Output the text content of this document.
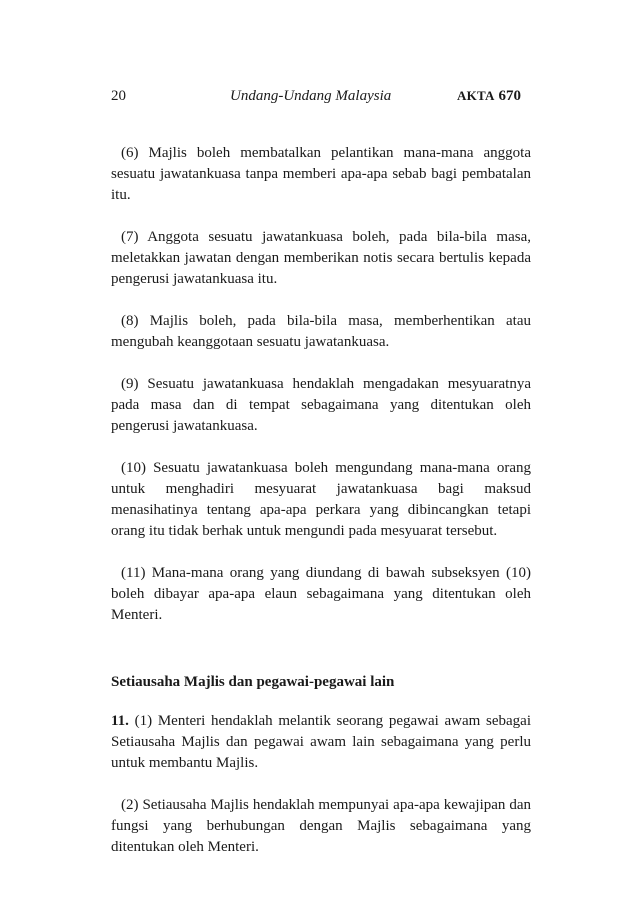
20	Undang-Undang Malaysia	AKTA 670

(6) Majlis boleh membatalkan pelantikan mana-mana anggota sesuatu jawatankuasa tanpa memberi apa-apa sebab bagi pembatalan itu.

(7) Anggota sesuatu jawatankuasa boleh, pada bila-bila masa, meletakkan jawatan dengan memberikan notis secara bertulis kepada pengerusi jawatankuasa itu.

(8) Majlis boleh, pada bila-bila masa, memberhentikan atau mengubah keanggotaan sesuatu jawatankuasa.

(9) Sesuatu jawatankuasa hendaklah mengadakan mesyuaratnya pada masa dan di tempat sebagaimana yang ditentukan oleh pengerusi jawatankuasa.

(10) Sesuatu jawatankuasa boleh mengundang mana-mana orang untuk menghadiri mesyuarat jawatankuasa bagi maksud menasihatinya tentang apa-apa perkara yang dibincangkan tetapi orang itu tidak berhak untuk mengundi pada mesyuarat tersebut.

(11) Mana-mana orang yang diundang di bawah subseksyen (10) boleh dibayar apa-apa elaun sebagaimana yang ditentukan oleh Menteri.

Setiausaha Majlis dan pegawai-pegawai lain

11. (1) Menteri hendaklah melantik seorang pegawai awam sebagai Setiausaha Majlis dan pegawai awam lain sebagaimana yang perlu untuk membantu Majlis.

(2) Setiausaha Majlis hendaklah mempunyai apa-apa kewajipan dan fungsi yang berhubungan dengan Majlis sebagaimana yang ditentukan oleh Menteri.
